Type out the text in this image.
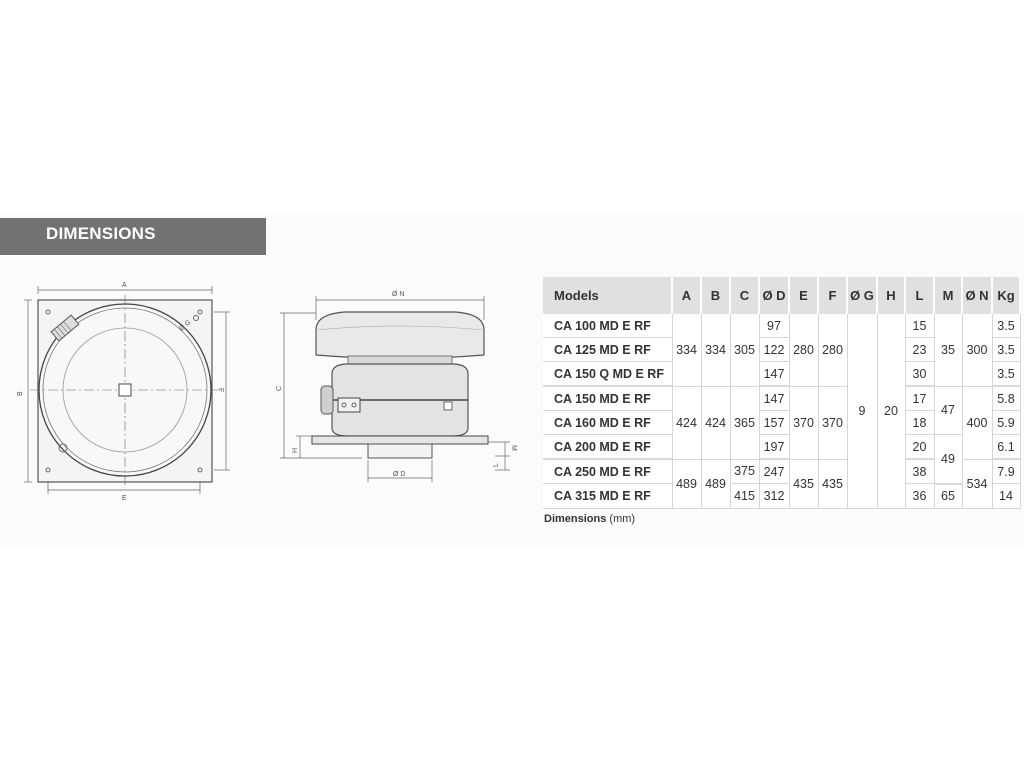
DIMENSIONS
A
B
E
F
Ø G
Ø N
C
H
Ø D
M
L
Models	A	B	C	Ø D	E	F	Ø G	H	L	M	Ø N	Kg
CA 100 MD E RF	334	334	305	97	280	280	9	20	15	35	300	3.5
CA 125 MD E RF				122					23			3.5
CA 150 Q MD E RF				147					30			3.5
CA 150 MD E RF	424	424	365	147	370	370			17	47	400	5.8
CA 160 MD E RF				157					18			5.9
CA 200 MD E RF				197					20	49		6.1
CA 250 MD E RF	489	489	375	247	435	435			38		534	7.9
CA 315 MD E RF			415	312					36	65		14
Dimensions (mm)
